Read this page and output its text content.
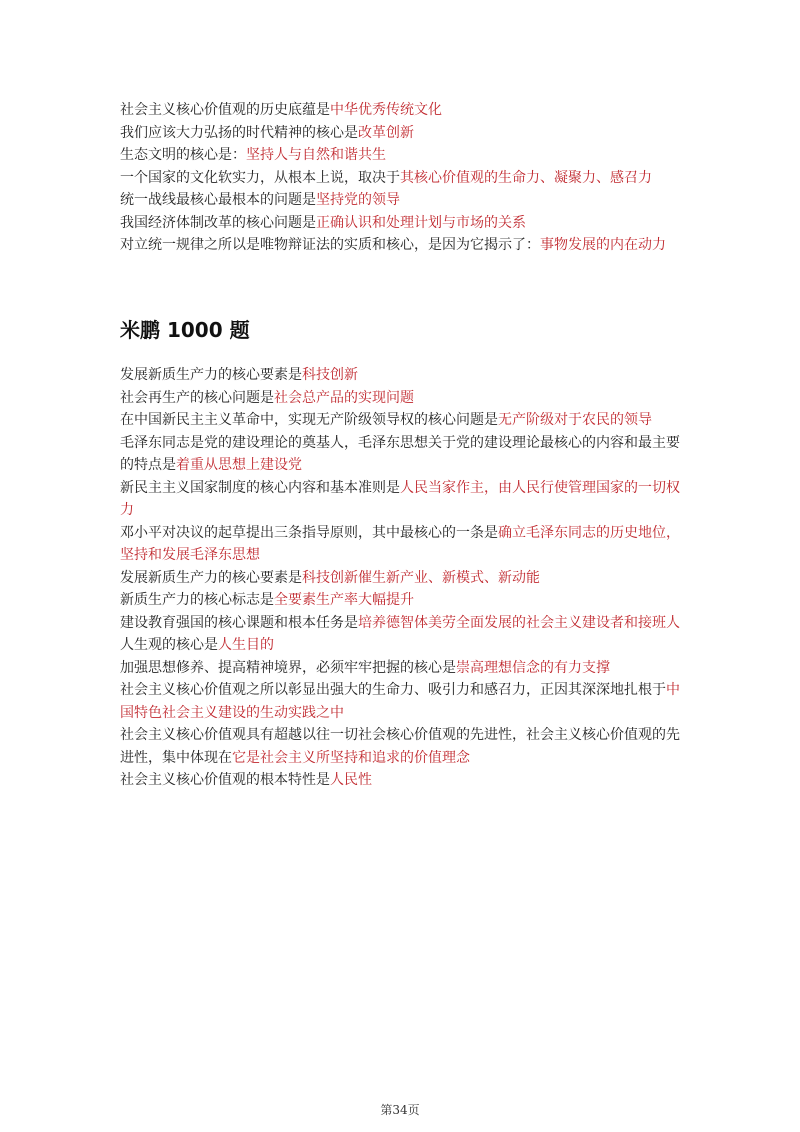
社会主义核心价值观的历史底蕴是中华优秀传统文化
我们应该大力弘扬的时代精神的核心是改革创新
生态文明的核心是：坚持人与自然和谐共生
一个国家的文化软实力，从根本上说，取决于其核心价值观的生命力、凝聚力、感召力
统一战线最核心最根本的问题是坚持党的领导
我国经济体制改革的核心问题是正确认识和处理计划与市场的关系
对立统一规律之所以是唯物辩证法的实质和核心，是因为它揭示了：事物发展的内在动力
米鹏 1000 题
发展新质生产力的核心要素是科技创新
社会再生产的核心问题是社会总产品的实现问题
在中国新民主主义革命中，实现无产阶级领导权的核心问题是无产阶级对于农民的领导
毛泽东同志是党的建设理论的奠基人，毛泽东思想关于党的建设理论最核心的内容和最主要的特点是着重从思想上建设党
新民主主义国家制度的核心内容和基本准则是人民当家作主，由人民行使管理国家的一切权力
邓小平对决议的起草提出三条指导原则，其中最核心的一条是确立毛泽东同志的历史地位，坚持和发展毛泽东思想
发展新质生产力的核心要素是科技创新催生新产业、新模式、新动能
新质生产力的核心标志是全要素生产率大幅提升
建设教育强国的核心课题和根本任务是培养德智体美劳全面发展的社会主义建设者和接班人
人生观的核心是人生目的
加强思想修养、提高精神境界，必须牢牢把握的核心是崇高理想信念的有力支撑
社会主义核心价值观之所以彰显出强大的生命力、吸引力和感召力，正因其深深地扎根于中国特色社会主义建设的生动实践之中
社会主义核心价值观具有超越以往一切社会核心价值观的先进性，社会主义核心价值观的先进性，集中体现在它是社会主义所坚持和追求的价值理念
社会主义核心价值观的根本特性是人民性
第34页
